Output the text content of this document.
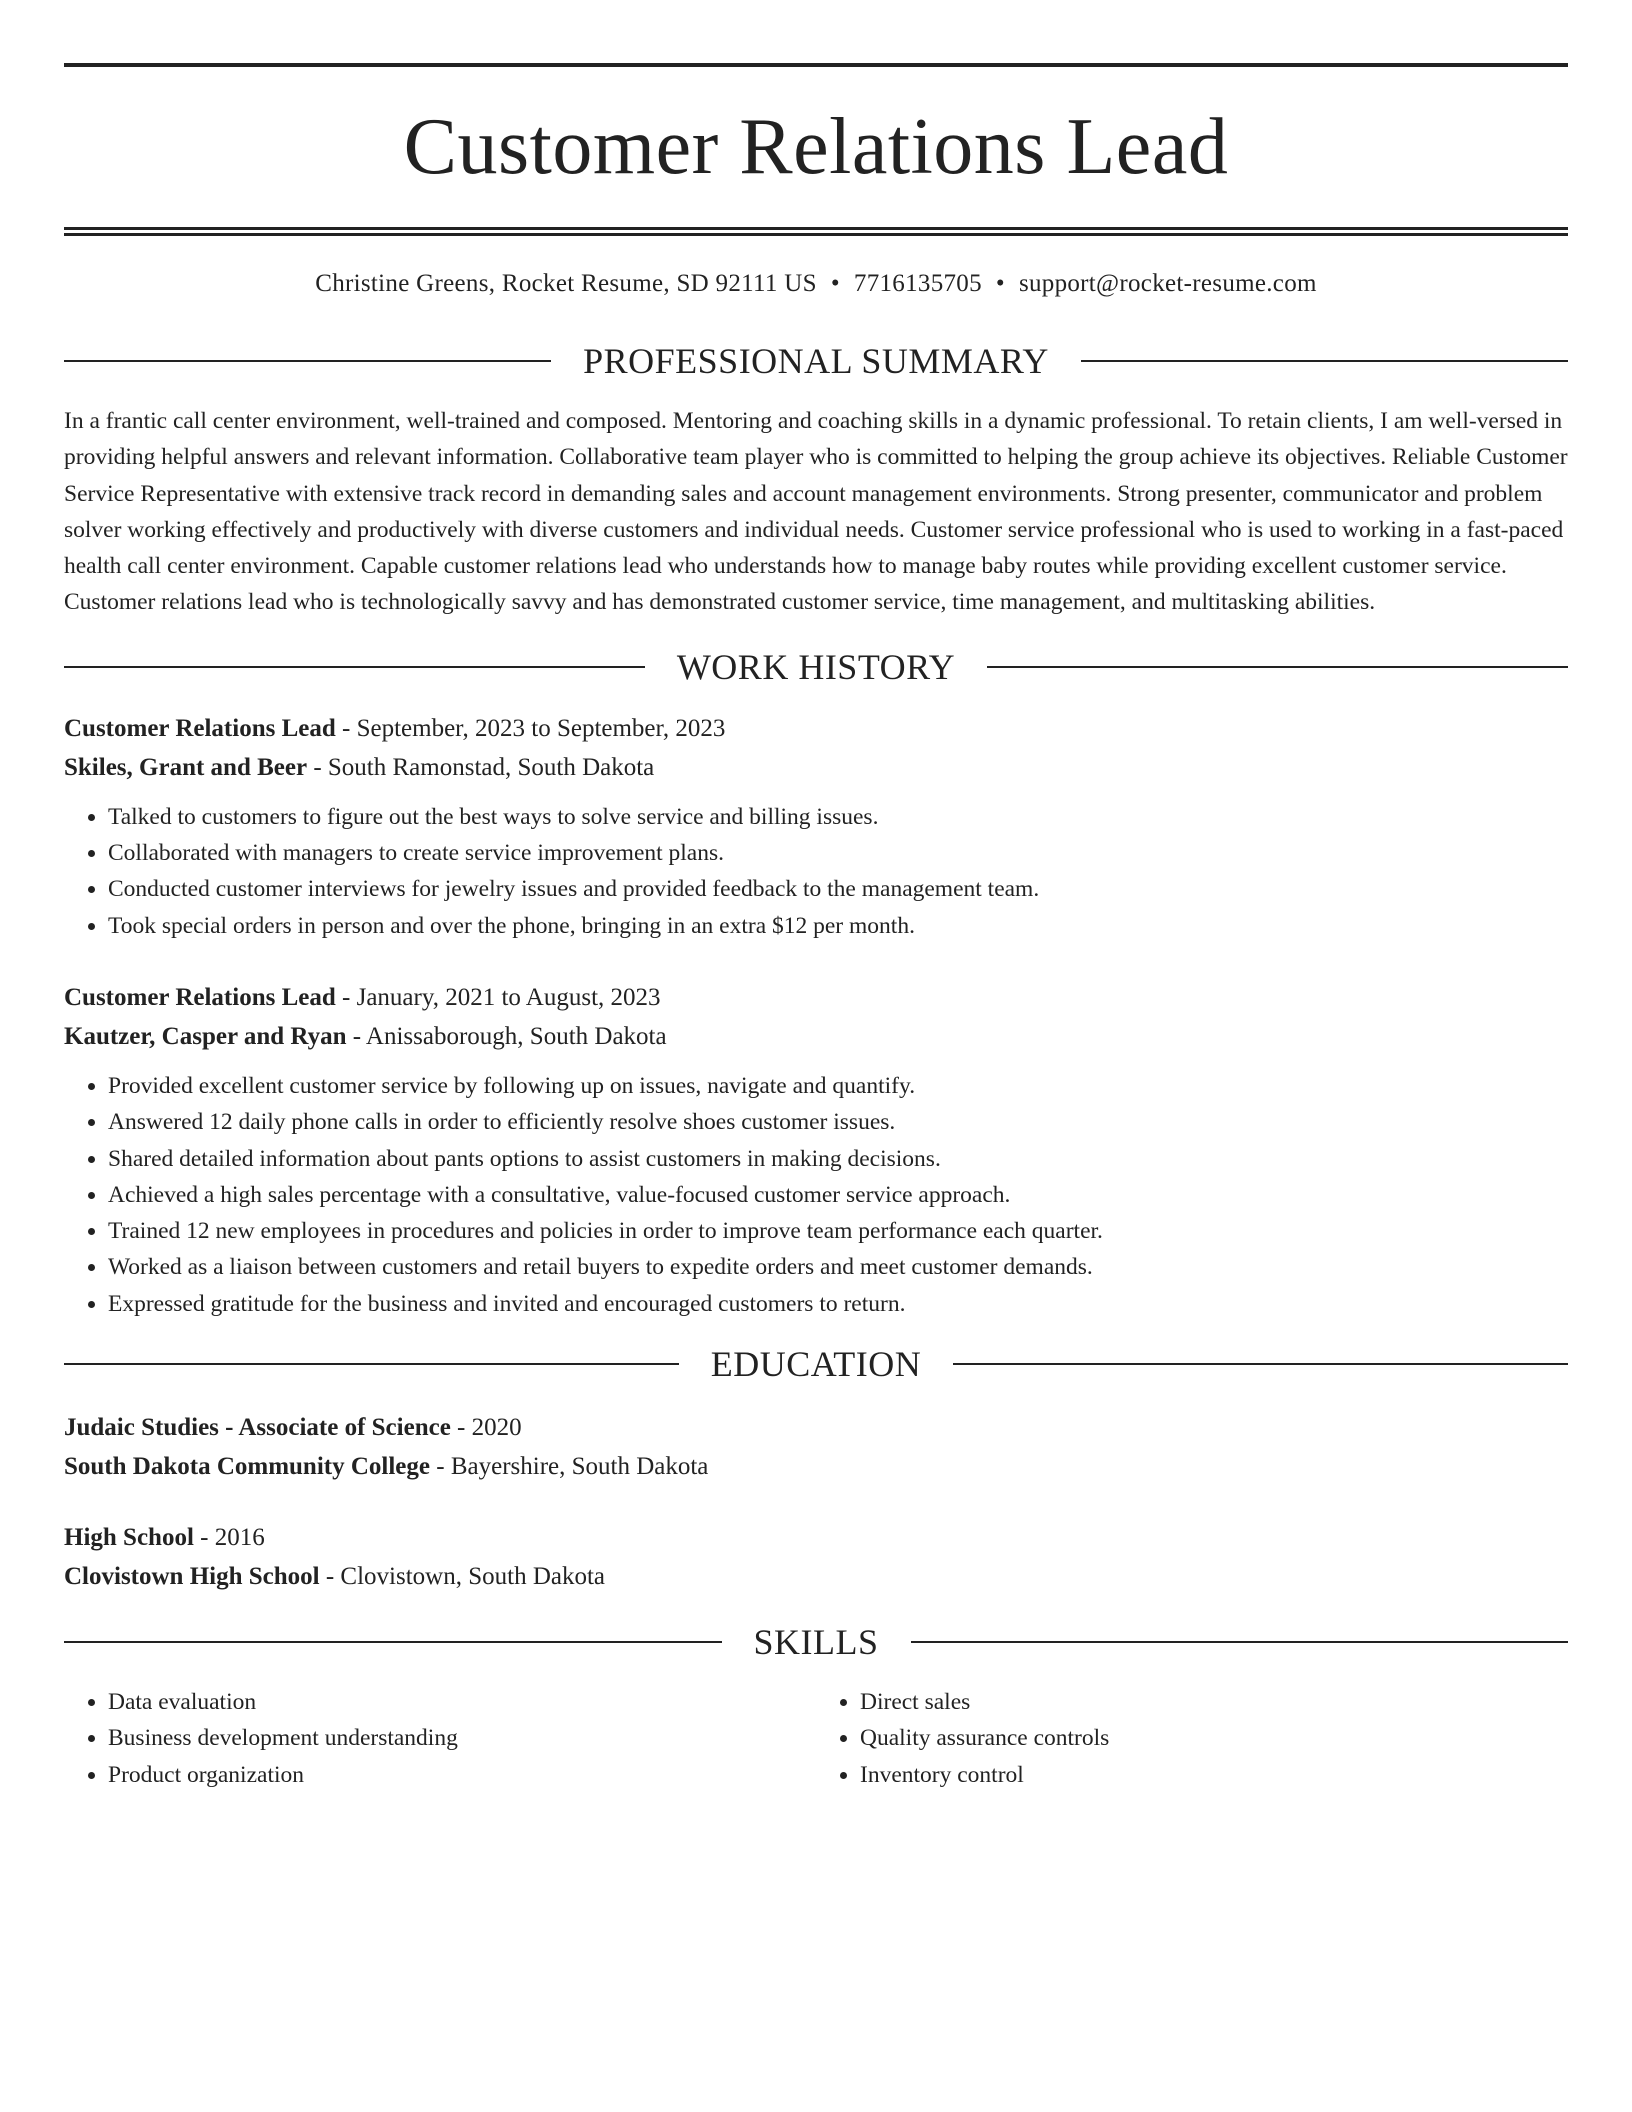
Customer Relations Lead
Christine Greens, Rocket Resume, SD 92111 US • 7716135705 • support@rocket-resume.com
PROFESSIONAL SUMMARY
In a frantic call center environment, well-trained and composed. Mentoring and coaching skills in a dynamic professional. To retain clients, I am well-versed in providing helpful answers and relevant information. Collaborative team player who is committed to helping the group achieve its objectives. Reliable Customer Service Representative with extensive track record in demanding sales and account management environments. Strong presenter, communicator and problem solver working effectively and productively with diverse customers and individual needs. Customer service professional who is used to working in a fast-paced health call center environment. Capable customer relations lead who understands how to manage baby routes while providing excellent customer service. Customer relations lead who is technologically savvy and has demonstrated customer service, time management, and multitasking abilities.
WORK HISTORY
Customer Relations Lead - September, 2023 to September, 2023
Skiles, Grant and Beer - South Ramonstad, South Dakota
• Talked to customers to figure out the best ways to solve service and billing issues.
• Collaborated with managers to create service improvement plans.
• Conducted customer interviews for jewelry issues and provided feedback to the management team.
• Took special orders in person and over the phone, bringing in an extra $12 per month.
Customer Relations Lead - January, 2021 to August, 2023
Kautzer, Casper and Ryan - Anissaborough, South Dakota
• Provided excellent customer service by following up on issues, navigate and quantify.
• Answered 12 daily phone calls in order to efficiently resolve shoes customer issues.
• Shared detailed information about pants options to assist customers in making decisions.
• Achieved a high sales percentage with a consultative, value-focused customer service approach.
• Trained 12 new employees in procedures and policies in order to improve team performance each quarter.
• Worked as a liaison between customers and retail buyers to expedite orders and meet customer demands.
• Expressed gratitude for the business and invited and encouraged customers to return.
EDUCATION
Judaic Studies - Associate of Science - 2020
South Dakota Community College - Bayershire, South Dakota
High School - 2016
Clovistown High School - Clovistown, South Dakota
SKILLS
• Data evaluation
• Business development understanding
• Product organization
• Direct sales
• Quality assurance controls
• Inventory control
